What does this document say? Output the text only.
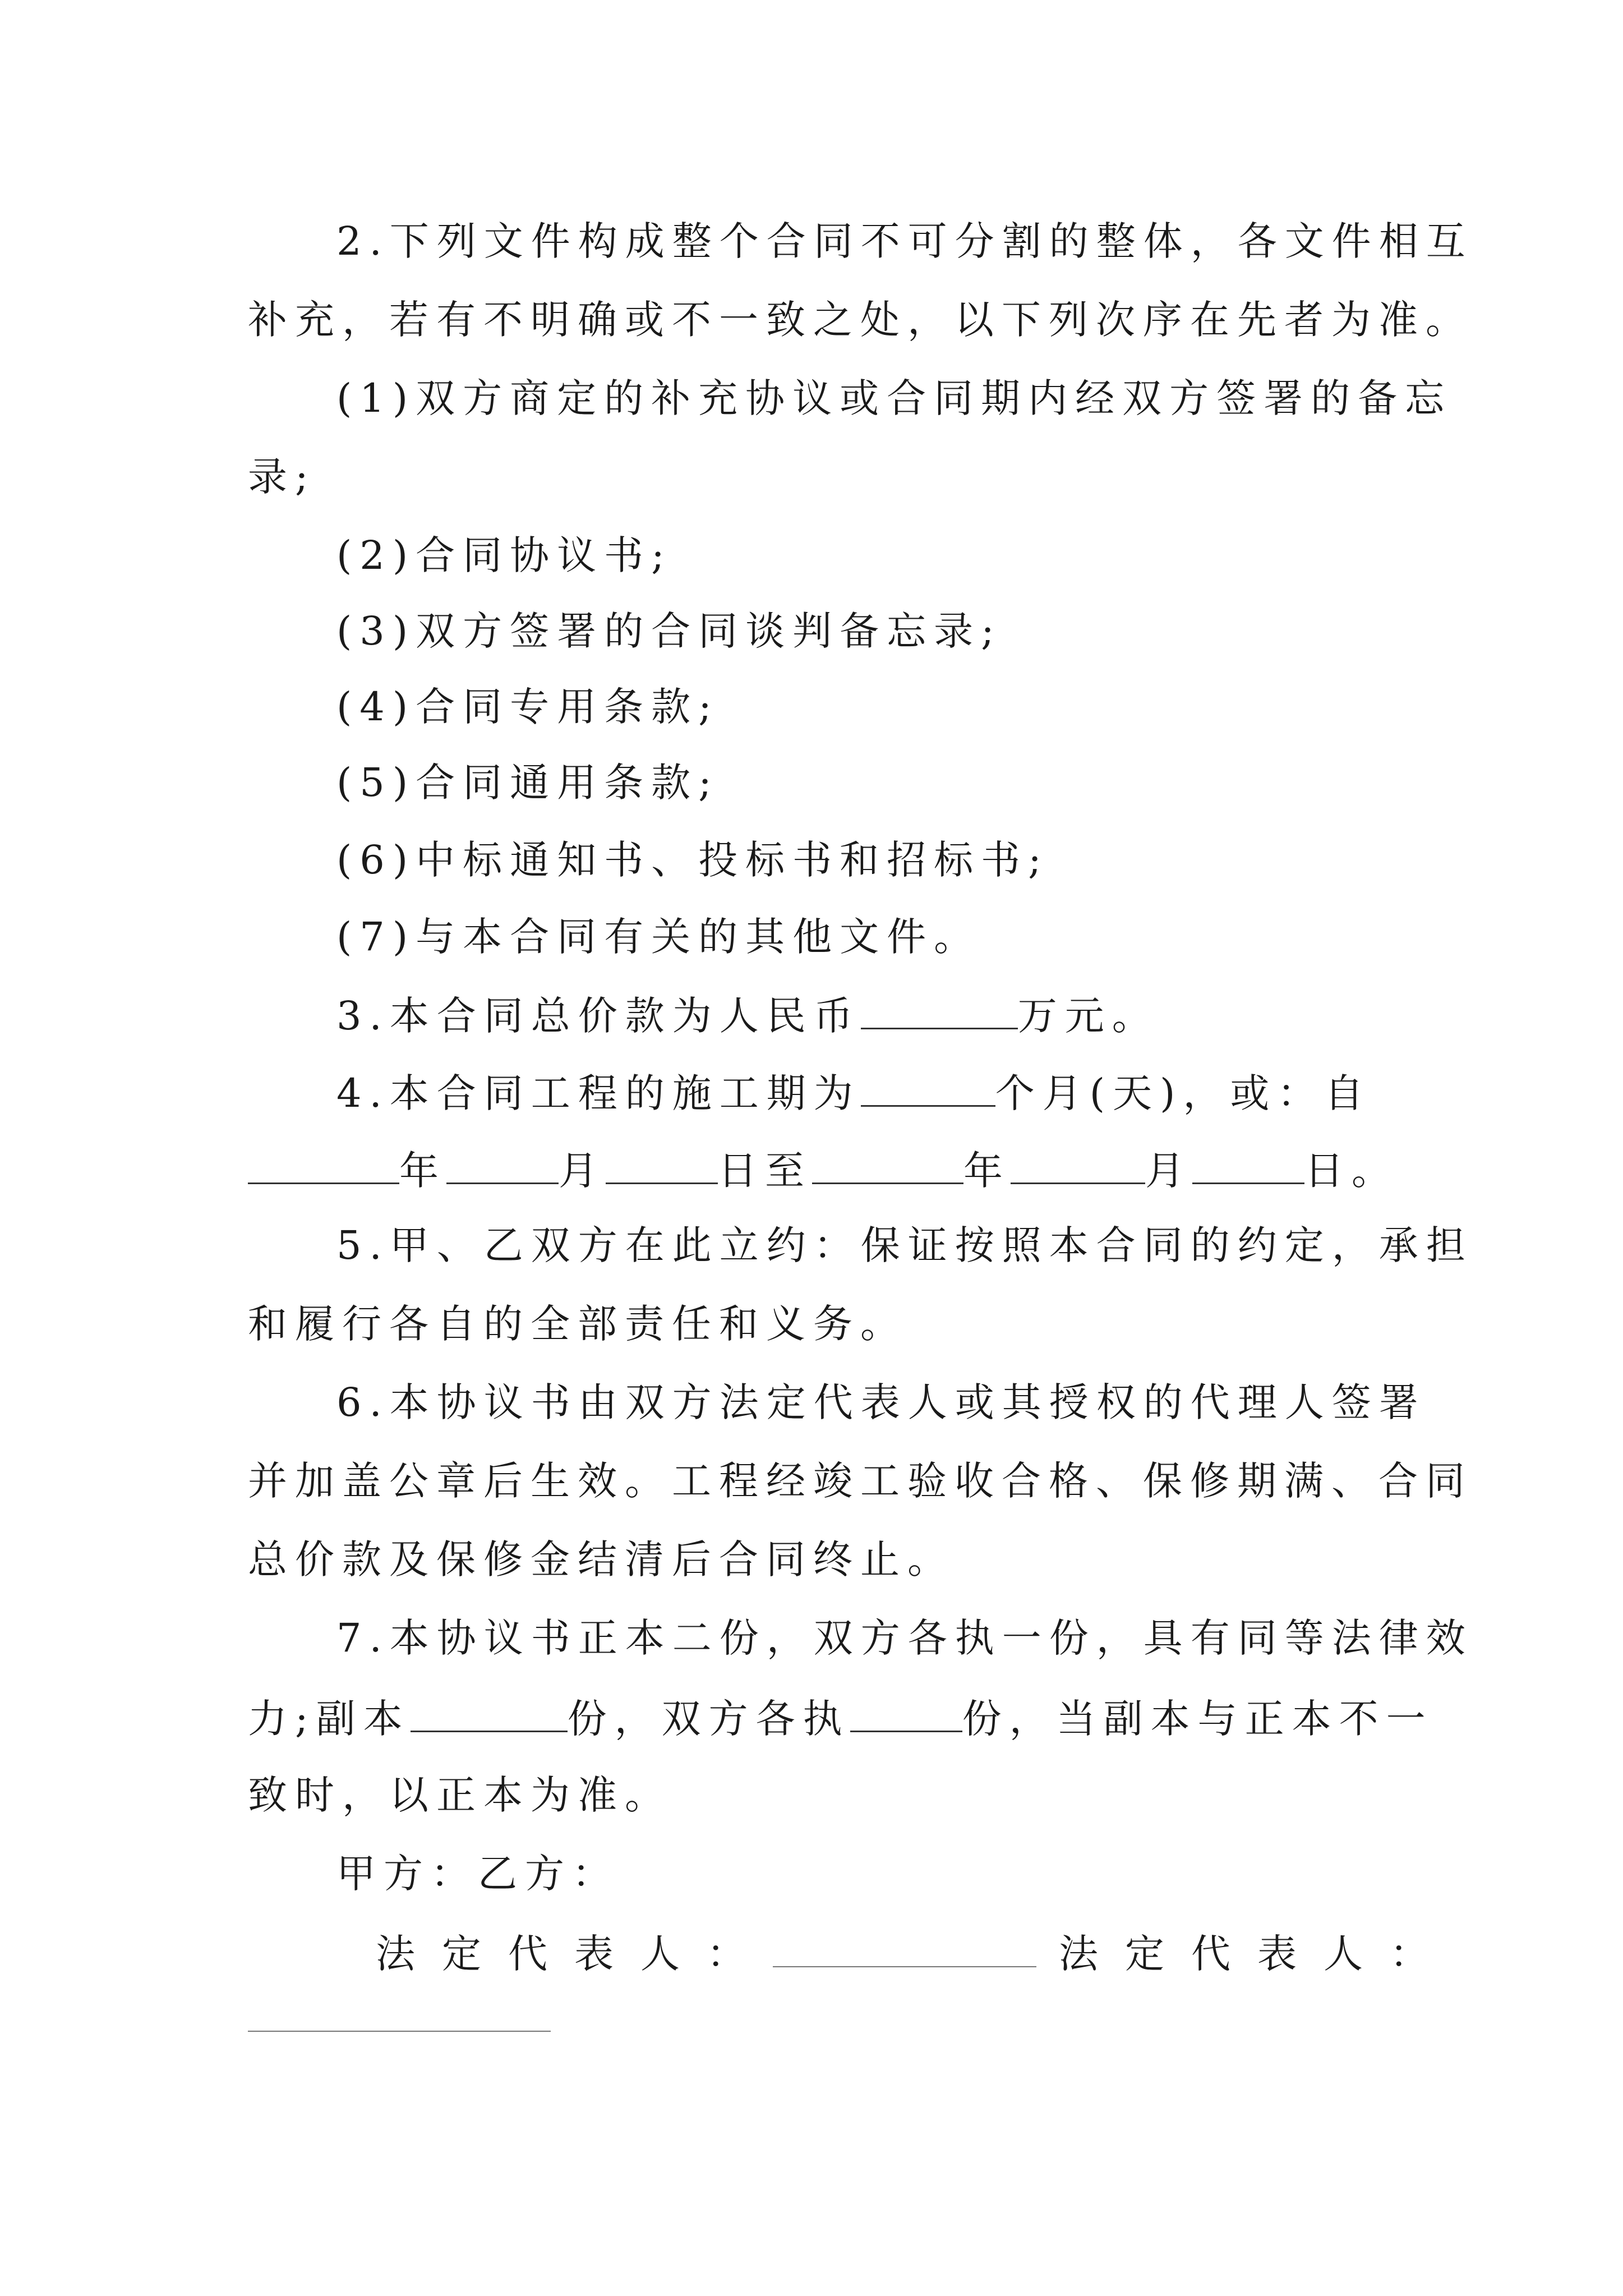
2.下列文件构成整个合同不可分割的整体，各文件相互
补充，若有不明确或不一致之处，以下列次序在先者为准。
(1)双方商定的补充协议或合同期内经双方签署的备忘
录;
(2)合同协议书;
(3)双方签署的合同谈判备忘录;
(4)合同专用条款;
(5)合同通用条款;
(6)中标通知书、投标书和招标书;
(7)与本合同有关的其他文件。
3.本合同总价款为人民币	万元。
4.本合同工程的施工期为	个月(天)，或：自
年	月	日至	年	月	日。
5.甲、乙双方在此立约：保证按照本合同的约定，承担
和履行各自的全部责任和义务。
6.本协议书由双方法定代表人或其授权的代理人签署
并加盖公章后生效。工程经竣工验收合格、保修期满、合同
总价款及保修金结清后合同终止。
7.本协议书正本二份，双方各执一份，具有同等法律效
力;副本	份，双方各执	份，当副本与正本不一
致时，以正本为准。
甲方：乙方：
法定代表人：	法定代表人：
